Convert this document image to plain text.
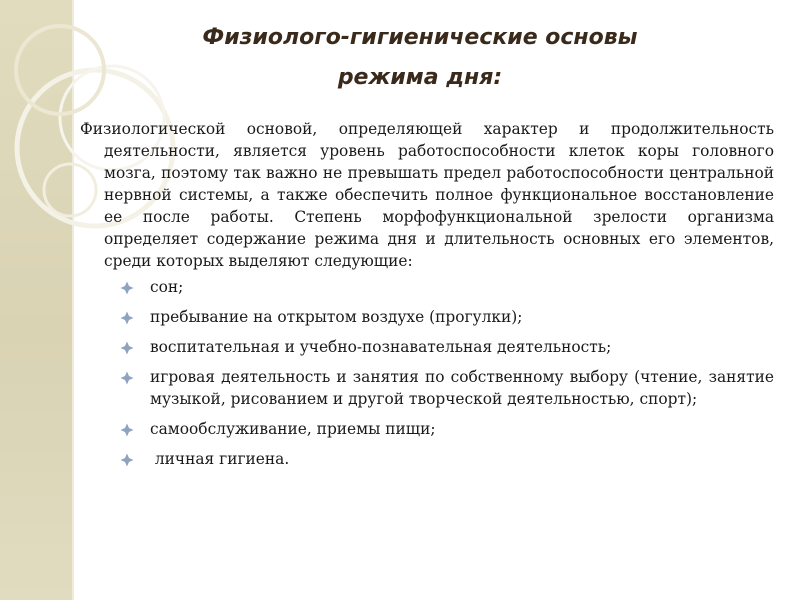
Физиолого-гигиенические основы
режима дня:

Физиологической основой, определяющей характер и продолжительность деятельности, является уровень работоспособности клеток коры головного мозга, поэтому так важно не превышать предел работоспособности центральной нервной системы, а также обеспечить полное функциональное восстановление ее после работы. Степень морфофункциональной зрелости организма определяет содержание режима дня и длительность основных его элементов, среди которых выделяют следующие:

сон;
пребывание на открытом воздухе (прогулки);
воспитательная и учебно-познавательная деятельность;
игровая деятельность и занятия по собственному выбору (чтение, занятие музыкой, рисованием и другой творческой деятельностью, спорт);
самообслуживание, приемы пищи;
личная гигиена.
